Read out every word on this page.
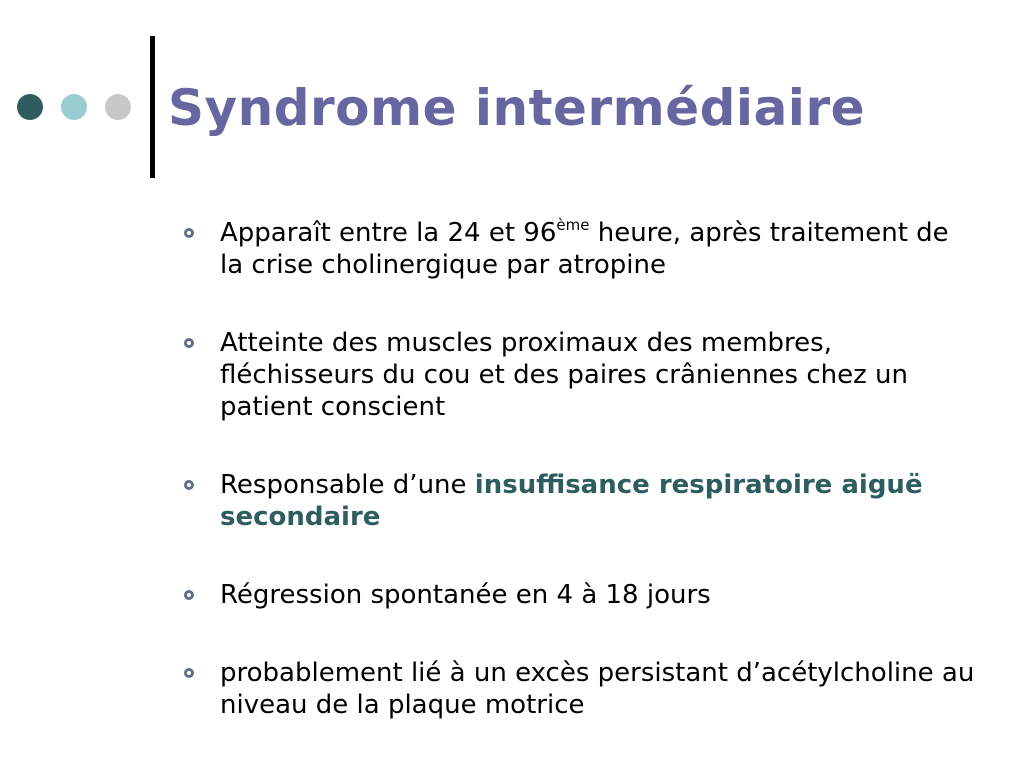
Syndrome intermédiaire
Apparaît entre la 24 et 96ème heure, après traitement de la crise cholinergique par atropine
Atteinte des muscles proximaux des membres, fléchisseurs du cou et des paires crâniennes chez un patient conscient
Responsable d’une insuffisance respiratoire aiguë secondaire
Régression spontanée en 4 à 18 jours
probablement lié à un excès persistant d’acétylcholine au niveau de la plaque motrice
